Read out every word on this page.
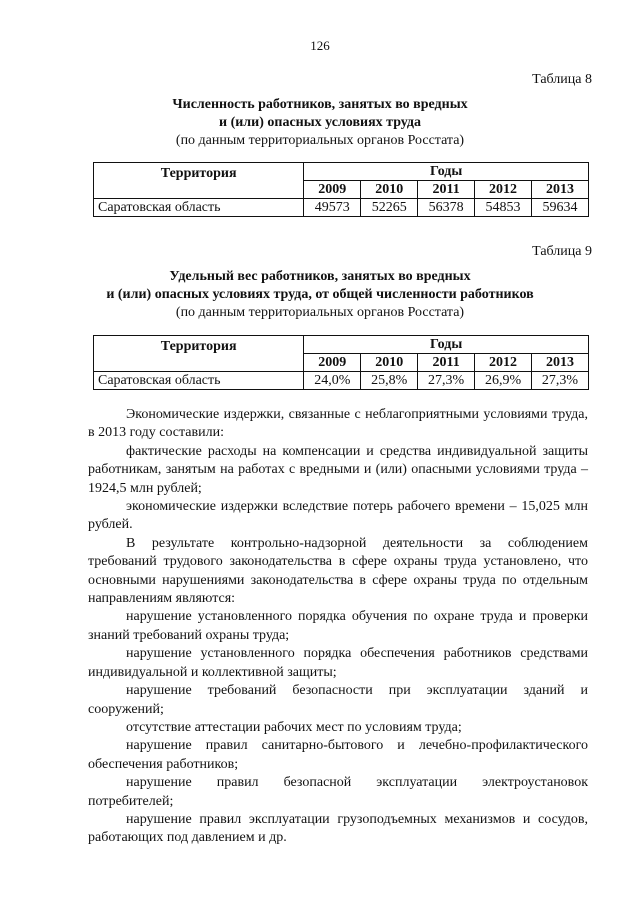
126
Таблица 8
Численность работников, занятых во вредных
и (или) опасных условиях труда
(по данным территориальных органов Росстата)
Территория	Годы				
	2009	2010	2011	2012	2013
Саратовская область	49573	52265	56378	54853	59634
Таблица 9
Удельный вес работников, занятых во вредных
и (или) опасных условиях труда, от общей численности работников
(по данным территориальных органов Росстата)
Территория	Годы				
	2009	2010	2011	2012	2013
Саратовская область	24,0%	25,8%	27,3%	26,9%	27,3%

Экономические издержки, связанные с неблагоприятными условиями труда, в 2013 году составили:

фактические расходы на компенсации и средства индивидуальной защиты работникам, занятым на работах с вредными и (или) опасными условиями труда – 1924,5 млн рублей;

экономические издержки вследствие потерь рабочего времени – 15,025 млн рублей.

В результате контрольно-надзорной деятельности за соблюдением требований трудового законодательства в сфере охраны труда установлено, что основными нарушениями законодательства в сфере охраны труда по отдельным направлениям являются:

нарушение установленного порядка обучения по охране труда и проверки знаний требований охраны труда;

нарушение установленного порядка обеспечения работников средствами индивидуальной и коллективной защиты;

нарушение требований безопасности при эксплуатации зданий и сооружений;

отсутствие аттестации рабочих мест по условиям труда;

нарушение правил санитарно-бытового и лечебно-профилактического обеспечения работников;

нарушение правил безопасной эксплуатации электроустановок потребителей;

нарушение правил эксплуатации грузоподъемных механизмов и сосудов, работающих под давлением и др.
